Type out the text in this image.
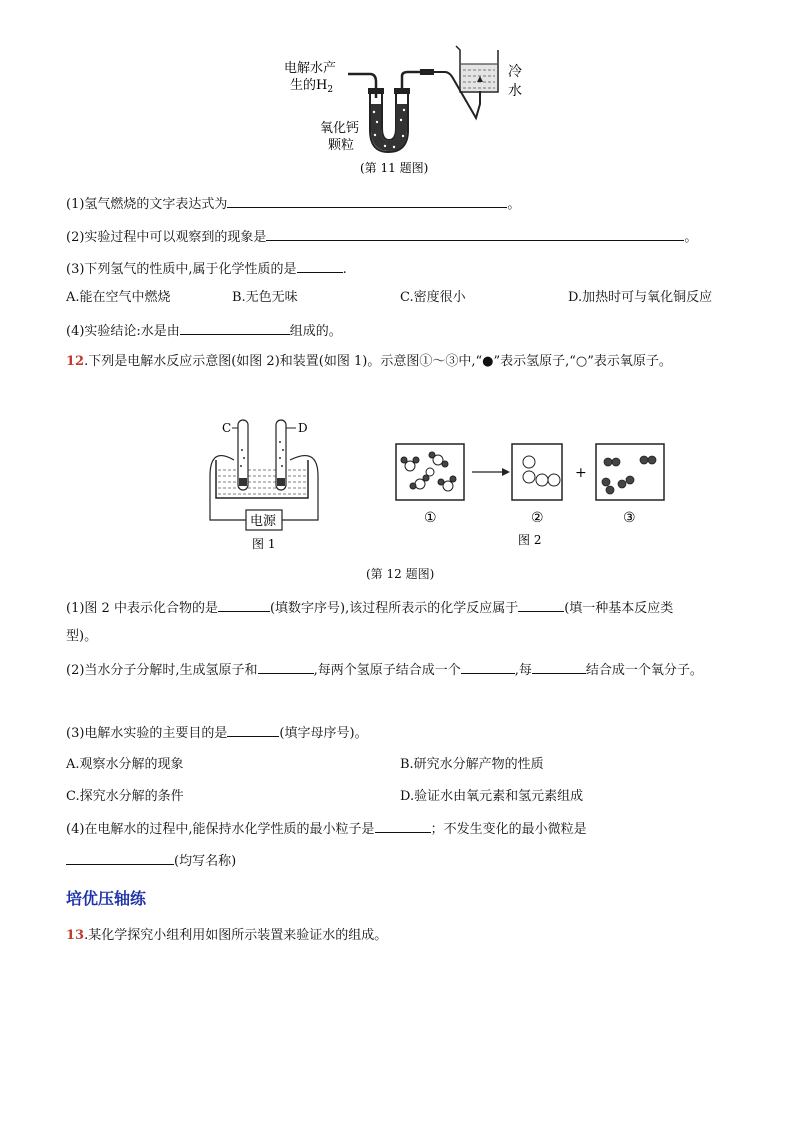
电解水产
生的$H_2$
氧化钙
颗粒
冷
水
(第 11 题图)
(1)氢气燃烧的文字表达式为	。
(2)实验过程中可以观察到的现象是	。
(3)下列氢气的性质中,属于化学性质的是	.
A.能在空气中燃烧	B.无色无味	C.密度很小	D.加热时可与氧化铜反应
(4)实验结论:水是由	组成的。
12.下列是电解水反应示意图(如图 2)和装置(如图 1)。示意图①～③中,“●”表示氢原子,“○”表示氧原子。
电源
C	D
图 1
+
①	②	③
图 2
(第 12 题图)
(1)图 2 中表示化合物的是	(填数字序号),该过程所表示的化学反应属于	(填一种基本反应类
型)。
(2)当水分子分解时,生成氢原子和	,每两个氢原子结合成一个	,每	结合成一个氧分子。
(3)电解水实验的主要目的是	(填字母序号)。
A.观察水分解的现象	B.研究水分解产物的性质
C.探究水分解的条件	D.验证水由氧元素和氢元素组成
(4)在电解水的过程中,能保持水化学性质的最小粒子是	；不发生变化的最小微粒是
(均写名称)
培优压轴练
13.某化学探究小组利用如图所示装置来验证水的组成。
